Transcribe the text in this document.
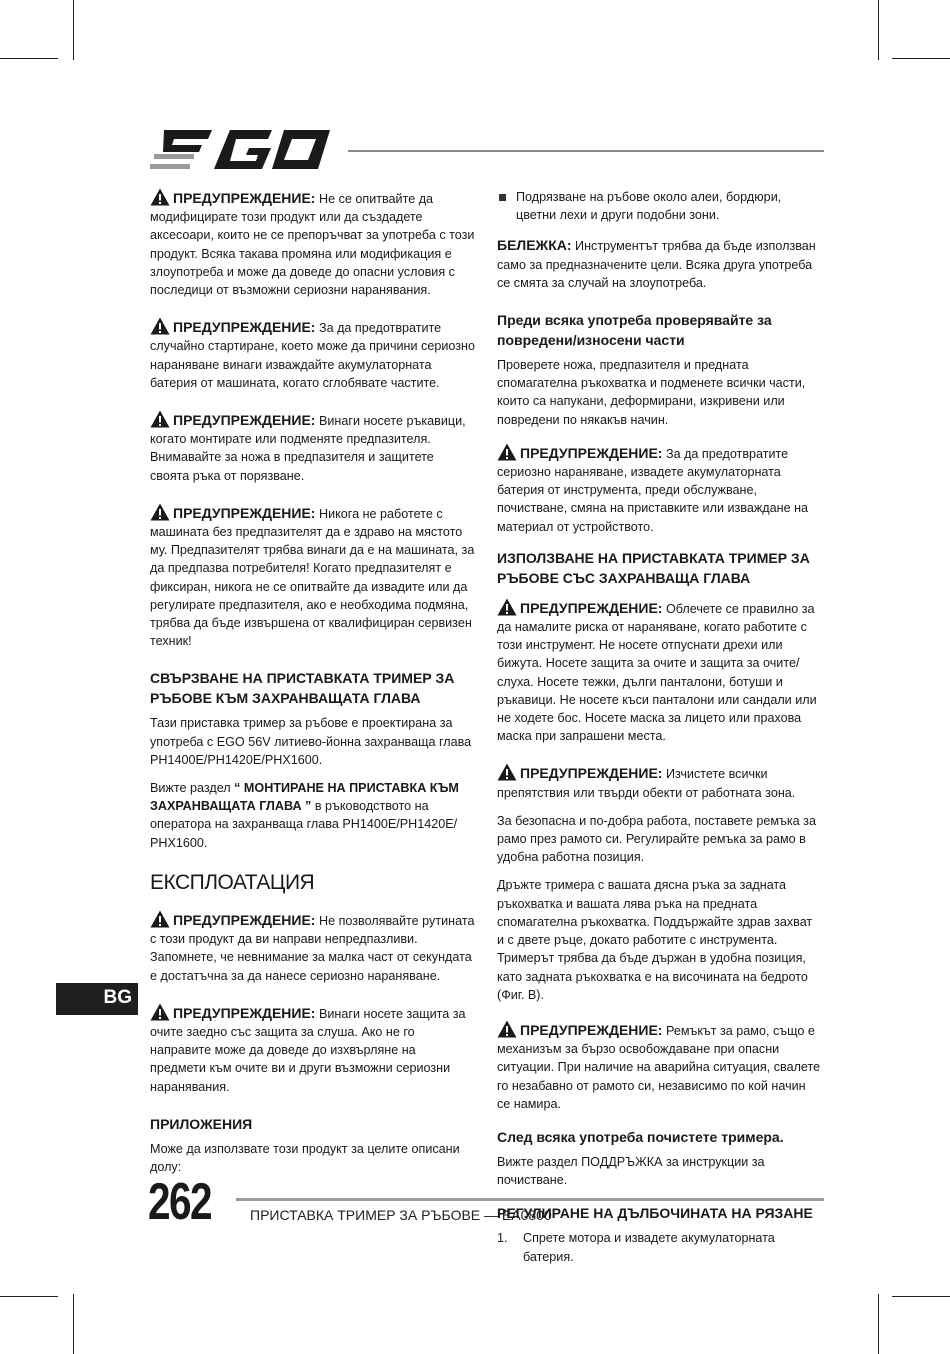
ПРЕДУПРЕЖДЕНИЕ: Не се опитвайте да модифицирате този продукт или да създадете аксесоари, които не се препоръчват за употреба с този продукт. Всяка такава промяна или модификация е злоупотреба и може да доведе до опасни условия с последици от възможни сериозни наранявания.
ПРЕДУПРЕЖДЕНИЕ: За да предотвратите случайно стартиране, което може да причини сериозно нараняване винаги изваждайте акумулаторната батерия от машината, когато сглобявате частите.
ПРЕДУПРЕЖДЕНИЕ: Винаги носете ръкавици, когато монтирате или подменяте предпазителя. Внимавайте за ножа в предпазителя и защитете своята ръка от порязване.
ПРЕДУПРЕЖДЕНИЕ: Никога не работете с машината без предпазителят да е здраво на мястото му. Предпазителят трябва винаги да е на машината, за да предпазва потребителя! Когато предпазителят е фиксиран, никога не се опитвайте да извадите или да регулирате предпазителя, ако е необходима подмяна, трябва да бъде извършена от квалифициран сервизен техник!
СВЪРЗВАНЕ НА ПРИСТАВКАТА ТРИМЕР ЗА РЪБОВЕ КЪМ ЗАХРАНВАЩАТА ГЛАВА

Тази приставка тример за ръбове е проектирана за употреба с EGO 56V литиево-йонна захранваща глава PH1400E/PH1420E/PHX1600.

Вижте раздел “ МОНТИРАНЕ НА ПРИСТАВКА КЪМ ЗАХРАНВАЩАТА ГЛАВА ” в ръководството на оператора на захранваща глава PH1400E/PH1420E/ PHX1600.

ЕКСПЛОАТАЦИЯ
ПРЕДУПРЕЖДЕНИЕ: Не позволявайте рутината с този продукт да ви направи непредпазливи. Запомнете, че невнимание за малка част от секундата е достатъчна за да нанесе сериозно нараняване.
ПРЕДУПРЕЖДЕНИЕ: Винаги носете защита за очите заедно със защита за слуша. Ако не го направите може да доведе до изхвърляне на предмети към очите ви и други възможни сериозни наранявания.
ПРИЛОЖЕНИЯ

Може да използвате този продукт за целите описани долу:

Подрязване на ръбове около алеи, бордюри, цветни лехи и други подобни зони.

БЕЛЕЖКА: Инструментът трябва да бъде използван само за предназначените цели. Всяка друга употреба се смята за случай на злоупотреба.

Преди всяка употреба проверявайте за повредени/износени части

Проверете ножа, предпазителя и предната спомагателна ръкохватка и подменете всички части, които са напукани, деформирани, изкривени или повредени по някакъв начин.

ПРЕДУПРЕЖДЕНИЕ: За да предотвратите сериозно нараняване, извадете акумулаторната батерия от инструмента, преди обслужване, почистване, смяна на приставките или изваждане на материал от устройството.
ИЗПОЛЗВАНЕ НА ПРИСТАВКАТА ТРИМЕР ЗА РЪБОВЕ СЪС ЗАХРАНВАЩА ГЛАВА
ПРЕДУПРЕЖДЕНИЕ: Облечете се правилно за да намалите риска от нараняване, когато работите с този инструмент. Не носете отпуснати дрехи или бижута. Носете защита за очите и защита за очите/ слуха. Носете тежки, дълги панталони, ботуши и ръкавици. Не носете къси панталони или сандали или не ходете бос. Носете маска за лицето или прахова маска при запрашени места.
ПРЕДУПРЕЖДЕНИЕ: Изчистете всички препятствия или твърди обекти от работната зона.

За безопасна и по-добра работа, поставете ремъка за рамо през рамото си. Регулирайте ремъка за рамо в удобна работна позиция.

Дръжте тримера с вашата дясна ръка за задната ръкохватка и вашата лява ръка на предната спомагателна ръкохватка. Поддържайте здрав захват и с двете ръце, докато работите с инструмента. Тримерът трябва да бъде държан в удобна позиция, като задната ръкохватка е на височината на бедрото (Фиг. В).

ПРЕДУПРЕЖДЕНИЕ: Ремъкът за рамо, също е механизъм за бързо освобождаване при опасни ситуации. При наличие на аварийна ситуация, свалете го незабавно от рамото си, независимо по кой начин се намира.
След всяка употреба почистете тримера.

Вижте раздел ПОДДРЪЖКА за инструкции за почистване.

РЕГУЛИРАНЕ НА ДЪЛБОЧИНАТА НА РЯЗАНЕ
1.	Спрете мотора и извадете акумулаторната батерия.
BG
262	ПРИСТАВКА ТРИМЕР ЗА РЪБОВЕ — EA0800
